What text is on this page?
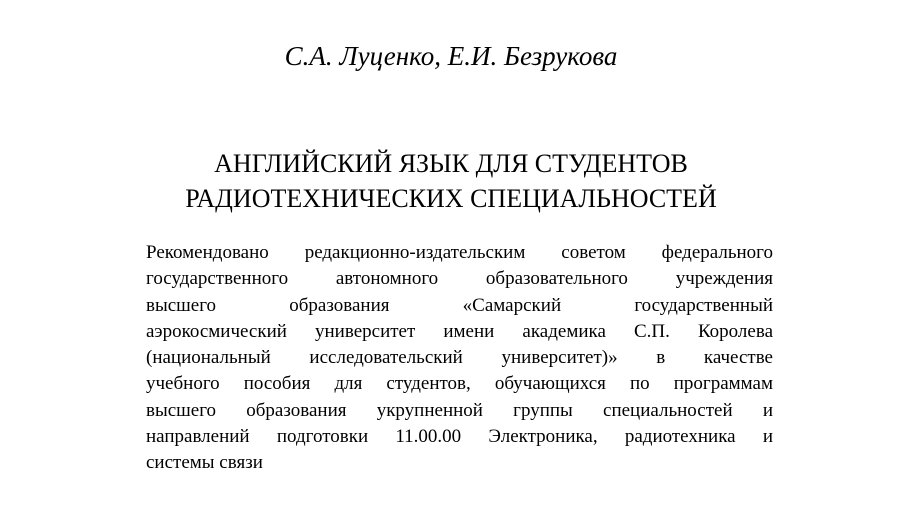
С.А. Луценко, Е.И. Безрукова

АНГЛИЙСКИЙ ЯЗЫК ДЛЯ СТУДЕНТОВ
РАДИОТЕХНИЧЕСКИХ СПЕЦИАЛЬНОСТЕЙ
Рекомендовано редакционно-издательским советом федерального
государственного автономного образовательного учреждения
высшего образования «Самарский государственный
аэрокосмический университет имени академика С.П. Королева
(национальный исследовательский университет)» в качестве
учебного пособия для студентов, обучающихся по программам
высшего образования укрупненной группы специальностей и
направлений подготовки 11.00.00 Электроника, радиотехника и
системы связи
